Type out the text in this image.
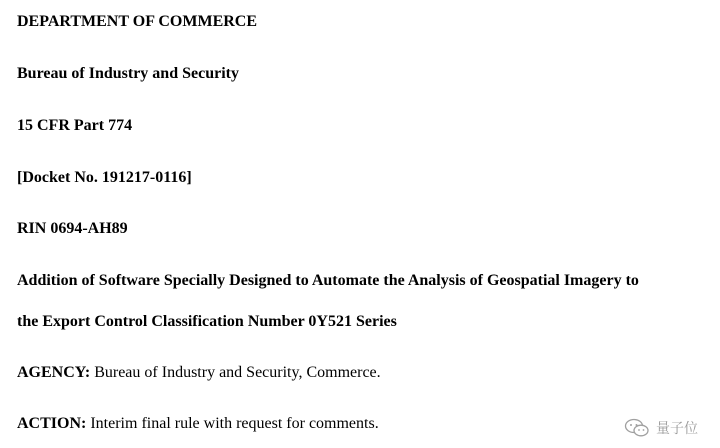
DEPARTMENT OF COMMERCE
Bureau of Industry and Security
15 CFR Part 774
[Docket No. 191217-0116]
RIN 0694-AH89
Addition of Software Specially Designed to Automate the Analysis of Geospatial Imagery to
the Export Control Classification Number 0Y521 Series
AGENCY: Bureau of Industry and Security, Commerce.
ACTION: Interim final rule with request for comments.	量子位
